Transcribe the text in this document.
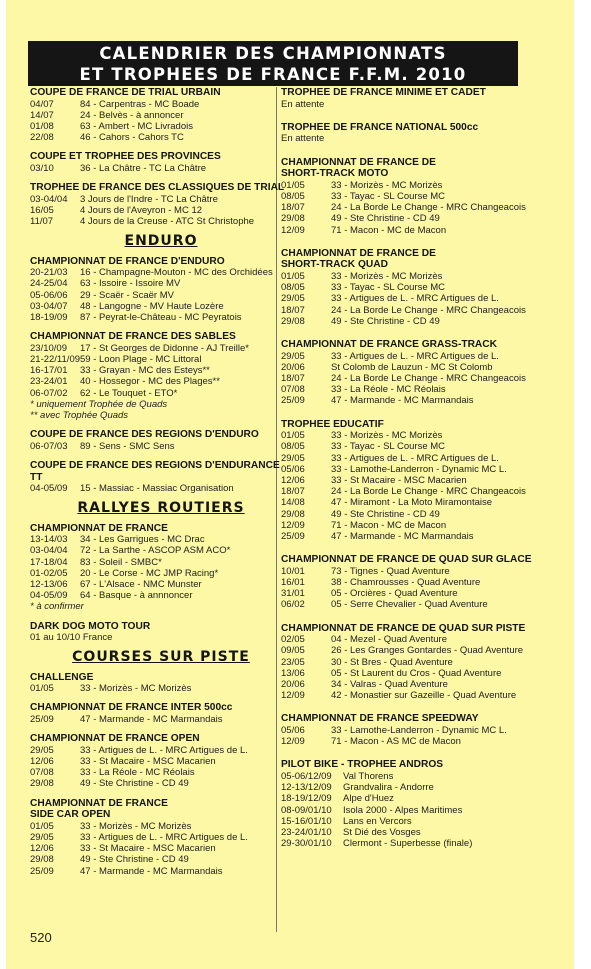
CALENDRIER DES CHAMPIONNATS
ET TROPHEES DE FRANCE F.F.M. 2010
COUPE DE FRANCE DE TRIAL URBAIN
04/07	84 - Carpentras - MC Boade
14/07	24 - Belvès - à annoncer
01/08	63 - Ambert - MC Livradois
22/08	46 - Cahors - Cahors TC
COUPE ET TROPHEE DES PROVINCES
03/10	36 - La Châtre - TC La Châtre
TROPHEE DE FRANCE DES CLASSIQUES DE TRIAL
03-04/04	3 Jours de l'Indre - TC La Châtre
16/05	4 Jours de l'Aveyron - MC 12
11/07	4 Jours de la Creuse - ATC St Christophe
ENDURO
CHAMPIONNAT DE FRANCE D'ENDURO
20-21/03	16 - Champagne-Mouton - MC des Orchidées
24-25/04	63 - Issoire - Issoire MV
05-06/06	29 - Scaër - Scaër MV
03-04/07	48 - Langogne - MV Haute Lozère
18-19/09	87 - Peyrat-le-Château - MC Peyratois
CHAMPIONNAT DE FRANCE DES SABLES
23/10/09	17 - St Georges de Didonne - AJ Treille*
21-22/11/09 59 - Loon Plage - MC Littoral
16-17/01	33 - Grayan - MC des Esteys**
23-24/01	40 - Hossegor - MC des Plages**
06-07/02	62 - Le Touquet - ETO*
* uniquement Trophée de Quads
** avec Trophée Quads
COUPE DE FRANCE DES REGIONS D'ENDURO
06-07/03	89 - Sens - SMC Sens
COUPE DE FRANCE DES REGIONS D'ENDURANCE TT
04-05/09	15 - Massiac - Massiac Organisation
RALLYES ROUTIERS
CHAMPIONNAT DE FRANCE
13-14/03	34 - Les Garrigues - MC Drac
03-04/04	72 - La Sarthe - ASCOP ASM ACO*
17-18/04	83 - Soleil - SMBC*
01-02/05	20 - Le Corse - MC JMP Racing*
12-13/06	67 - L'Alsace - NMC Munster
04-05/09	64 - Basque - à annnoncer
* à confirmer
DARK DOG MOTO TOUR
01 au 10/10 France
COURSES SUR PISTE
CHALLENGE
01/05	33 - Morizès - MC Morizès
CHAMPIONNAT DE FRANCE INTER 500cc
25/09	47 - Marmande - MC Marmandais
CHAMPIONNAT DE FRANCE OPEN
29/05	33 - Artigues de L. - MRC Artigues de L.
12/06	33 - St Macaire - MSC Macarien
07/08	33 - La Réole - MC Réolais
29/08	49 - Ste Christine - CD 49
CHAMPIONNAT DE FRANCE
SIDE CAR OPEN
01/05	33 - Morizès - MC Morizès
29/05	33 - Artigues de L. - MRC Artigues de L.
12/06	33 - St Macaire - MSC Macarien
29/08	49 - Ste Christine - CD 49
25/09	47 - Marmande - MC Marmandais
TROPHEE DE FRANCE MINIME ET CADET
En attente
TROPHEE DE FRANCE NATIONAL 500cc
En attente
CHAMPIONNAT DE FRANCE DE
SHORT-TRACK MOTO
01/05	33 - Morizès - MC Morizès
08/05	33 - Tayac - SL Course MC
18/07	24 - La Borde Le Change - MRC Changeacois
29/08	49 - Ste Christine - CD 49
12/09	71 - Macon - MC de Macon
CHAMPIONNAT DE FRANCE DE
SHORT-TRACK QUAD
01/05	33 - Morizès - MC Morizès
08/05	33 - Tayac - SL Course MC
29/05	33 - Artigues de L. - MRC Artigues de L.
18/07	24 - La Borde Le Change - MRC Changeacois
29/08	49 - Ste Christine - CD 49
CHAMPIONNAT DE FRANCE GRASS-TRACK
29/05	33 - Artigues de L. - MRC Artigues de L.
20/06	St Colomb de Lauzun - MC St Colomb
18/07	24 - La Borde Le Change - MRC Changeacois
07/08	33 - La Réole - MC Réolais
25/09	47 - Marmande - MC Marmandais
TROPHEE EDUCATIF
01/05	33 - Morizès - MC Morizès
08/05	33 - Tayac - SL Course MC
29/05	33 - Artigues de L. - MRC Artigues de L.
05/06	33 - Lamothe-Landerron - Dynamic MC L.
12/06	33 - St Macaire - MSC Macarien
18/07	24 - La Borde Le Change - MRC Changeacois
14/08	47 - Miramont - La Moto Miramontaise
29/08	49 - Ste Christine - CD 49
12/09	71 - Macon - MC de Macon
25/09	47 - Marmande - MC Marmandais
CHAMPIONNAT DE FRANCE DE QUAD SUR GLACE
10/01	73 - Tignes - Quad Aventure
16/01	38 - Chamrousses - Quad Aventure
31/01	05 - Orcières - Quad Aventure
06/02	05 - Serre Chevalier - Quad Aventure
CHAMPIONNAT DE FRANCE DE QUAD SUR PISTE
02/05	04 - Mezel - Quad Aventure
09/05	26 - Les Granges Gontardes - Quad Aventure
23/05	30 - St Bres - Quad Aventure
13/06	05 - St Laurent du Cros - Quad Aventure
20/06	34 - Valras - Quad Aventure
12/09	42 - Monastier sur Gazeille - Quad Aventure
CHAMPIONNAT DE FRANCE SPEEDWAY
05/06	33 - Lamothe-Landerron - Dynamic MC L.
12/09	71 - Macon - AS MC de Macon
PILOT BIKE - TROPHEE ANDROS
05-06/12/09	Val Thorens
12-13/12/09	Grandvalira - Andorre
18-19/12/09	Alpe d'Huez
08-09/01/10	Isola 2000 - Alpes Maritimes
15-16/01/10	Lans en Vercors
23-24/01/10	St Dié des Vosges
29-30/01/10	Clermont - Superbesse (finale)
520
